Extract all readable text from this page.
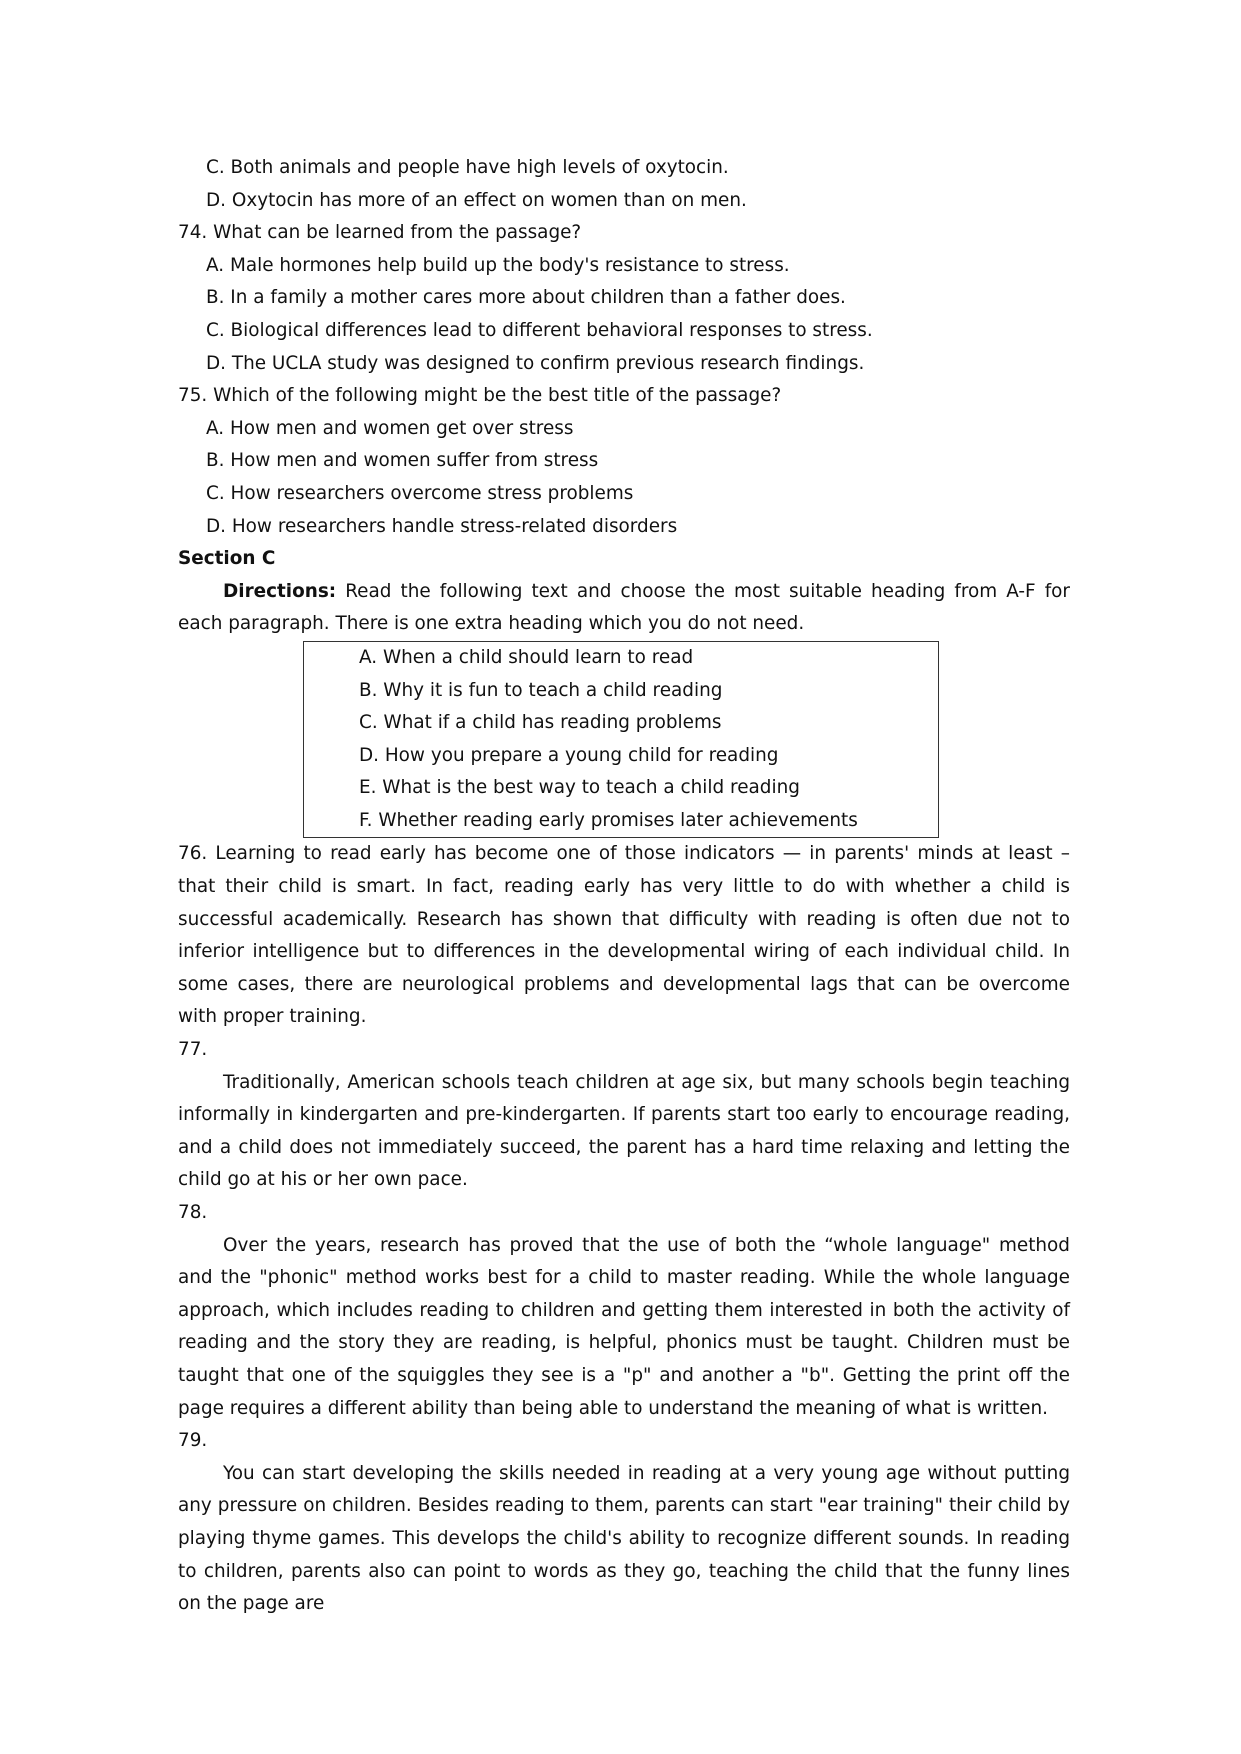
C. Both animals and people have high levels of oxytocin.

D. Oxytocin has more of an effect on women than on men.

74. What can be learned from the passage?

A. Male hormones help build up the body's resistance to stress.

B. In a family a mother cares more about children than a father does.

C. Biological differences lead to different behavioral responses to stress.

D. The UCLA study was designed to confirm previous research findings.

75. Which of the following might be the best title of the passage?

A. How men and women get over stress

B. How men and women suffer from stress

C. How researchers overcome stress problems

D. How researchers handle stress-related disorders

Section C

Directions: Read the following text and choose the most suitable heading from A-F for each paragraph. There is one extra heading which you do not need.

A. When a child should learn to read

B. Why it is fun to teach a child reading

C. What if a child has reading problems

D. How you prepare a young child for reading

E. What is the best way to teach a child reading

F. Whether reading early promises later achievements

76. Learning to read early has become one of those indicators — in parents' minds at least – that their child is smart. In fact, reading early has very little to do with whether a child is successful academically. Research has shown that difficulty with reading is often due not to inferior intelligence but to differences in the developmental wiring of each individual child. In some cases, there are neurological problems and developmental lags that can be overcome with proper training.

77.

Traditionally, American schools teach children at age six, but many schools begin teaching informally in kindergarten and pre-kindergarten. If parents start too early to encourage reading, and a child does not immediately succeed, the parent has a hard time relaxing and letting the child go at his or her own pace.

78.

Over the years, research has proved that the use of both the “whole language" method and the "phonic" method works best for a child to master reading. While the whole language approach, which includes reading to children and getting them interested in both the activity of reading and the story they are reading, is helpful, phonics must be taught. Children must be taught that one of the squiggles they see is a "p" and another a "b". Getting the print off the page requires a different ability than being able to understand the meaning of what is written.

79.

You can start developing the skills needed in reading at a very young age without putting any pressure on children. Besides reading to them, parents can start "ear training" their child by playing thyme games. This develops the child's ability to recognize different sounds. In reading to children, parents also can point to words as they go, teaching the child that the funny lines on the page are
